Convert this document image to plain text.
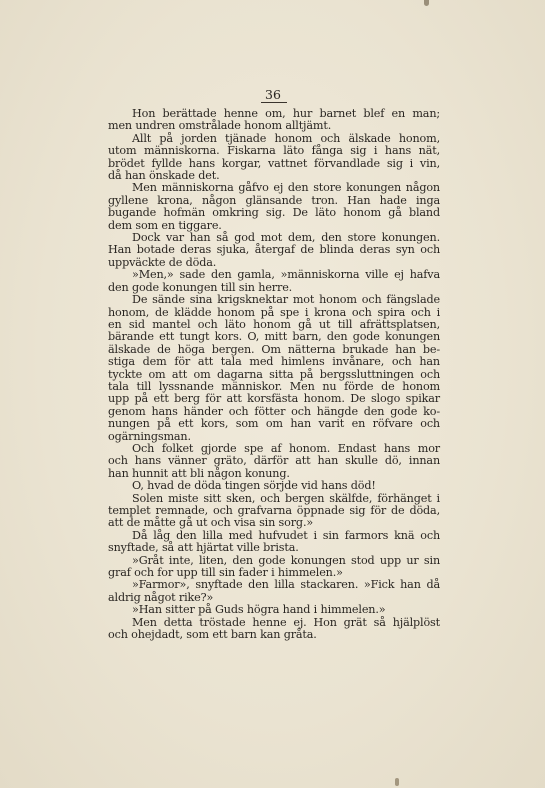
36

Hon berättade henne om, hur barnet blef en man;
men undren omstrålade honom alltjämt.
Allt på jorden tjänade honom och älskade honom,
utom människorna. Fiskarna läto fånga sig i hans nät,
brödet fyllde hans korgar, vattnet förvandlade sig i vin,
då han önskade det.
Men människorna gåfvo ej den store konungen någon
gyllene krona, någon glänsande tron. Han hade inga
bugande hofmän omkring sig. De läto honom gå bland
dem som en tiggare.
Dock var han så god mot dem, den store konungen.
Han botade deras sjuka, återgaf de blinda deras syn och
uppväckte de döda.
»Men,» sade den gamla, »människorna ville ej hafva
den gode konungen till sin herre.
De sände sina krigsknektar mot honom och fängslade
honom, de klädde honom på spe i krona och spira och i
en sid mantel och läto honom gå ut till afrättsplatsen,
bärande ett tungt kors. O, mitt barn, den gode konungen
älskade de höga bergen. Om nätterna brukade han be-
stiga dem för att tala med himlens invånare, och han
tyckte om att om dagarna sitta på bergssluttningen och
tala till lyssnande människor. Men nu förde de honom
upp på ett berg för att korsfästa honom. De slogo spikar
genom hans händer och fötter och hängde den gode ko-
nungen på ett kors, som om han varit en röfvare och
ogärningsman.
Och folket gjorde spe af honom. Endast hans mor
och hans vänner gräto, därför att han skulle dö, innan
han hunnit att bli någon konung.
O, hvad de döda tingen sörjde vid hans död!
Solen miste sitt sken, och bergen skälfde, förhänget i
templet remnade, och grafvarna öppnade sig för de döda,
att de måtte gå ut och visa sin sorg.»
Då låg den lilla med hufvudet i sin farmors knä och
snyftade, så att hjärtat ville brista.
»Gråt inte, liten, den gode konungen stod upp ur sin
graf och for upp till sin fader i himmelen.»
»Farmor», snyftade den lilla stackaren. »Fick han då
aldrig något rike?»
»Han sitter på Guds högra hand i himmelen.»
Men detta tröstade henne ej. Hon grät så hjälplöst
och ohejdadt, som ett barn kan gråta.
